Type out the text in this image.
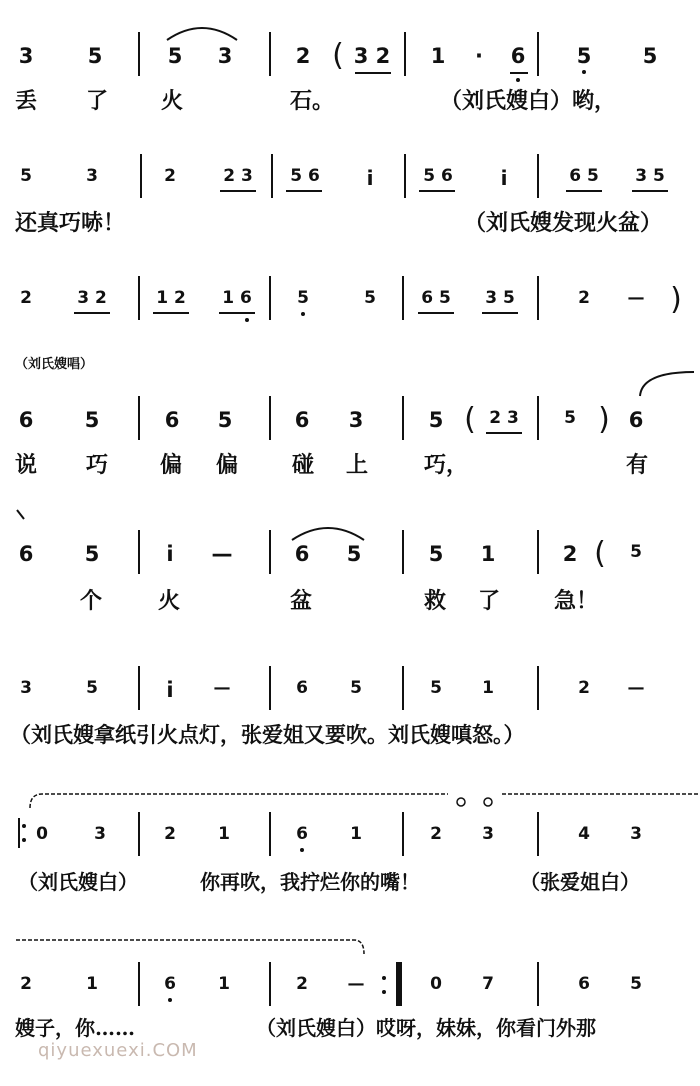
3	5	5 3	2 ( 3 2 1 · 6 5 5
丢 了 火	石。	（刘氏嫂白）哟，
5	3	2	2 3 5 6 i	5 6 i	6 5 3 5
还真巧哧！	（刘氏嫂发现火盆）
2	3 2	1 2 1 6	5	5	6 5 3 5	2 — )
（刘氏嫂唱）
6 5	6 5	6 3	5 ( 2 3	5 ) 6
说 巧 偏 偏 碰 上	巧，	有
6 5	i —	6 5	5 1	2 ( 5
个	火	盆	救 了 急！
3	5	i —	6 5	5 1	2 —
（刘氏嫂拿纸引火点灯，张爱姐又要吹。刘氏嫂嗔怒。）
0	3	2 1	6 1	2 3	4 3
（刘氏嫂白）	你再吹，我拧烂你的嘴！	（张爱姐白）
2	1	6 1	2 —	0 7	6 5
嫂子，你……	（刘氏嫂白）哎呀，妹妹，你看门外那
qiyuexuexi.COM
